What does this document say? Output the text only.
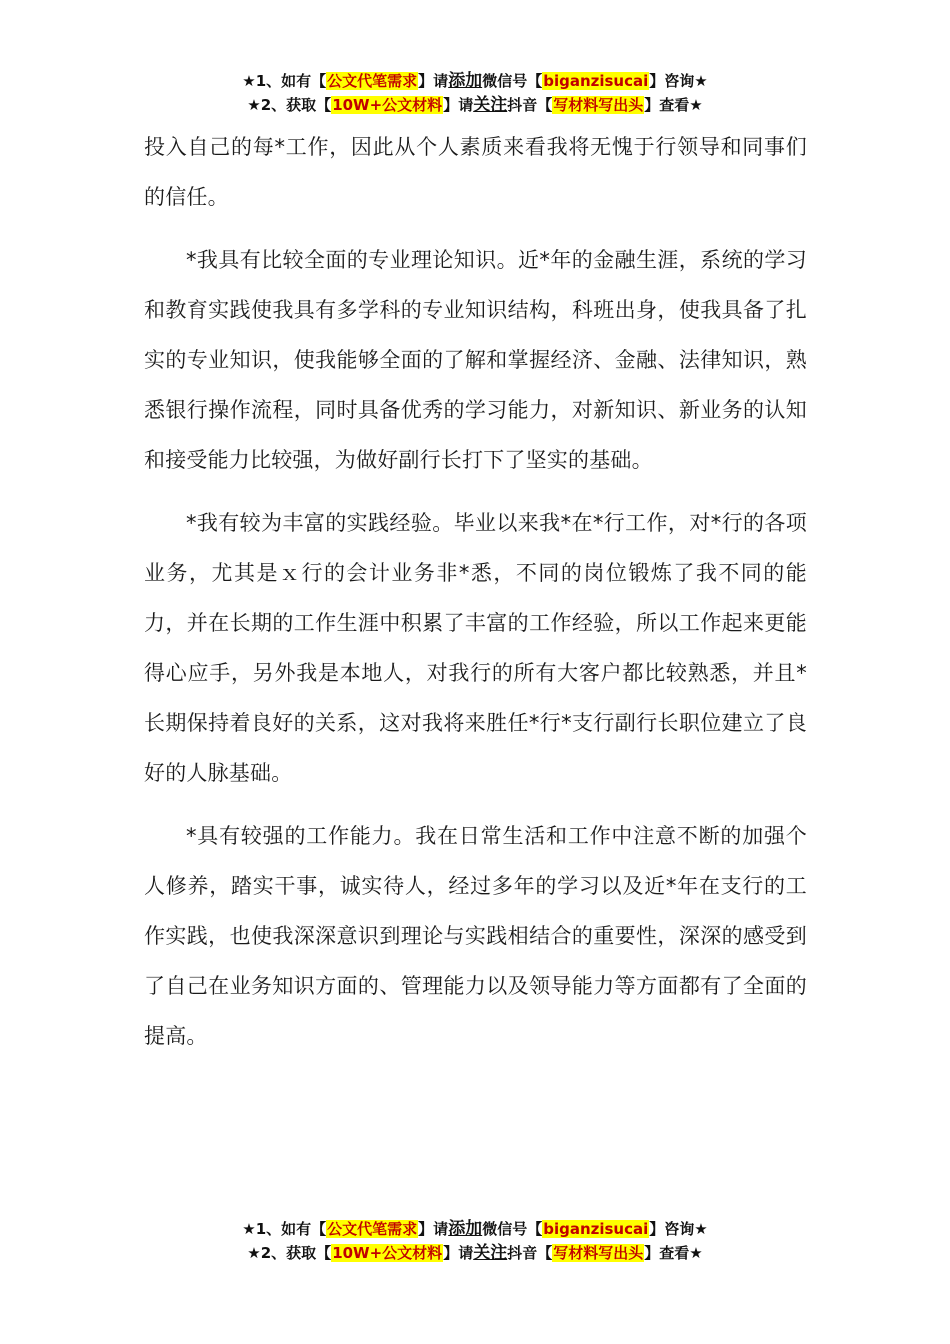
★1、如有【公文代笔需求】请添加微信号【biganzisucai】咨询★
★2、获取【10W+公文材料】请关注抖音【写材料写出头】查看★

投入自己的每*工作，因此从个人素质来看我将无愧于行领导和同事们的信任。

*我具有比较全面的专业理论知识。近*年的金融生涯，系统的学习和教育实践使我具有多学科的专业知识结构，科班出身，使我具备了扎实的专业知识，使我能够全面的了解和掌握经济、金融、法律知识，熟悉银行操作流程，同时具备优秀的学习能力，对新知识、新业务的认知和接受能力比较强，为做好副行长打下了坚实的基础。

*我有较为丰富的实践经验。毕业以来我*在*行工作，对*行的各项业务，尤其是ｘ行的会计业务非*悉，不同的岗位锻炼了我不同的能力，并在长期的工作生涯中积累了丰富的工作经验，所以工作起来更能得心应手，另外我是本地人，对我行的所有大客户都比较熟悉，并且*长期保持着良好的关系，这对我将来胜任*行*支行副行长职位建立了良好的人脉基础。

*具有较强的工作能力。我在日常生活和工作中注意不断的加强个人修养，踏实干事，诚实待人，经过多年的学习以及近*年在支行的工作实践，也使我深深意识到理论与实践相结合的重要性，深深的感受到了自己在业务知识方面的、管理能力以及领导能力等方面都有了全面的提高。

★1、如有【公文代笔需求】请添加微信号【biganzisucai】咨询★
★2、获取【10W+公文材料】请关注抖音【写材料写出头】查看★
